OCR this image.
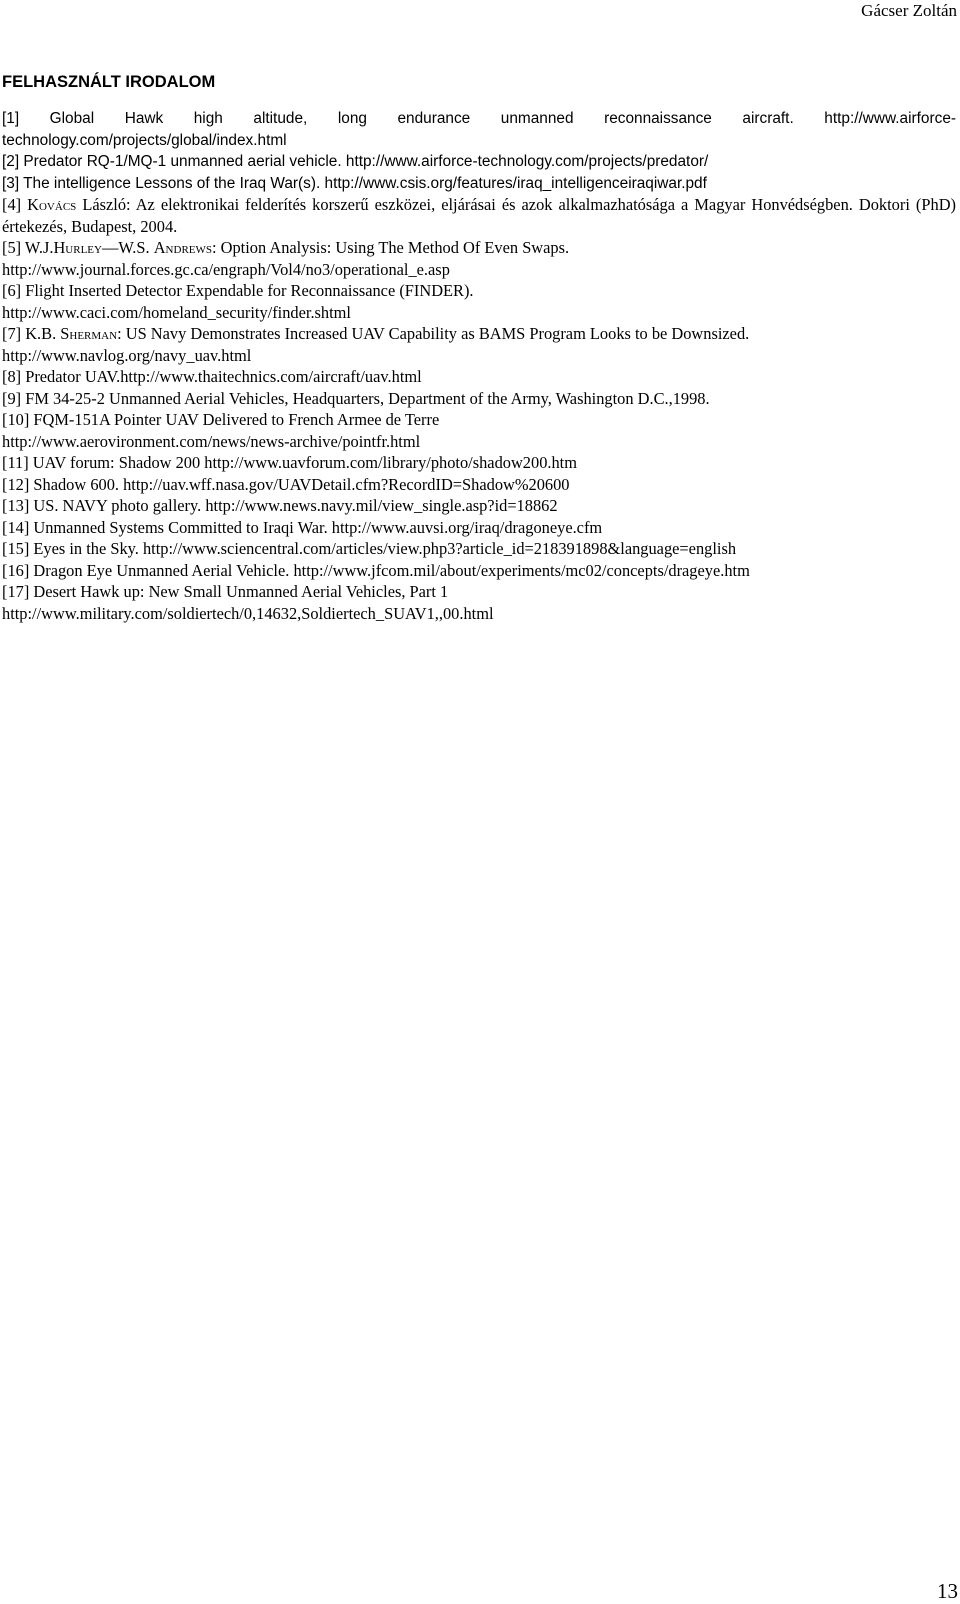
Gácser Zoltán
FELHASZNÁLT IRODALOM
[1] Global Hawk high altitude, long endurance unmanned reconnaissance aircraft. http://www.airforce-technology.com/projects/global/index.html
[2] Predator RQ-1/MQ-1 unmanned aerial vehicle. http://www.airforce-technology.com/projects/predator/
[3] The intelligence Lessons of the Iraq War(s). http://www.csis.org/features/iraq_intelligenceiraqiwar.pdf
[4] Kovács László: Az elektronikai felderítés korszerű eszközei, eljárásai és azok alkalmazhatósága a Magyar Honvédségben. Doktori (PhD) értekezés, Budapest, 2004.
[5] W.J.Hurley—W.S. Andrews: Option Analysis: Using The Method Of Even Swaps.
http://www.journal.forces.gc.ca/engraph/Vol4/no3/operational_e.asp
[6] Flight Inserted Detector Expendable for Reconnaissance (FINDER).
http://www.caci.com/homeland_security/finder.shtml
[7] K.B. Sherman: US Navy Demonstrates Increased UAV Capability as BAMS Program Looks to be Downsized.
http://www.navlog.org/navy_uav.html
[8] Predator UAV.http://www.thaitechnics.com/aircraft/uav.html
[9] FM 34-25-2 Unmanned Aerial Vehicles, Headquarters, Department of the Army, Washington D.C.,1998.
[10] FQM-151A Pointer UAV Delivered to French Armee de Terre
http://www.aerovironment.com/news/news-archive/pointfr.html
[11] UAV forum: Shadow 200 http://www.uavforum.com/library/photo/shadow200.htm
[12] Shadow 600. http://uav.wff.nasa.gov/UAVDetail.cfm?RecordID=Shadow%20600
[13] US. NAVY photo gallery. http://www.news.navy.mil/view_single.asp?id=18862
[14] Unmanned Systems Committed to Iraqi War. http://www.auvsi.org/iraq/dragoneye.cfm
[15] Eyes in the Sky. http://www.sciencentral.com/articles/view.php3?article_id=218391898&language=english
[16] Dragon Eye Unmanned Aerial Vehicle. http://www.jfcom.mil/about/experiments/mc02/concepts/drageye.htm
[17] Desert Hawk up: New Small Unmanned Aerial Vehicles, Part 1
http://www.military.com/soldiertech/0,14632,Soldiertech_SUAV1,,00.html
13
